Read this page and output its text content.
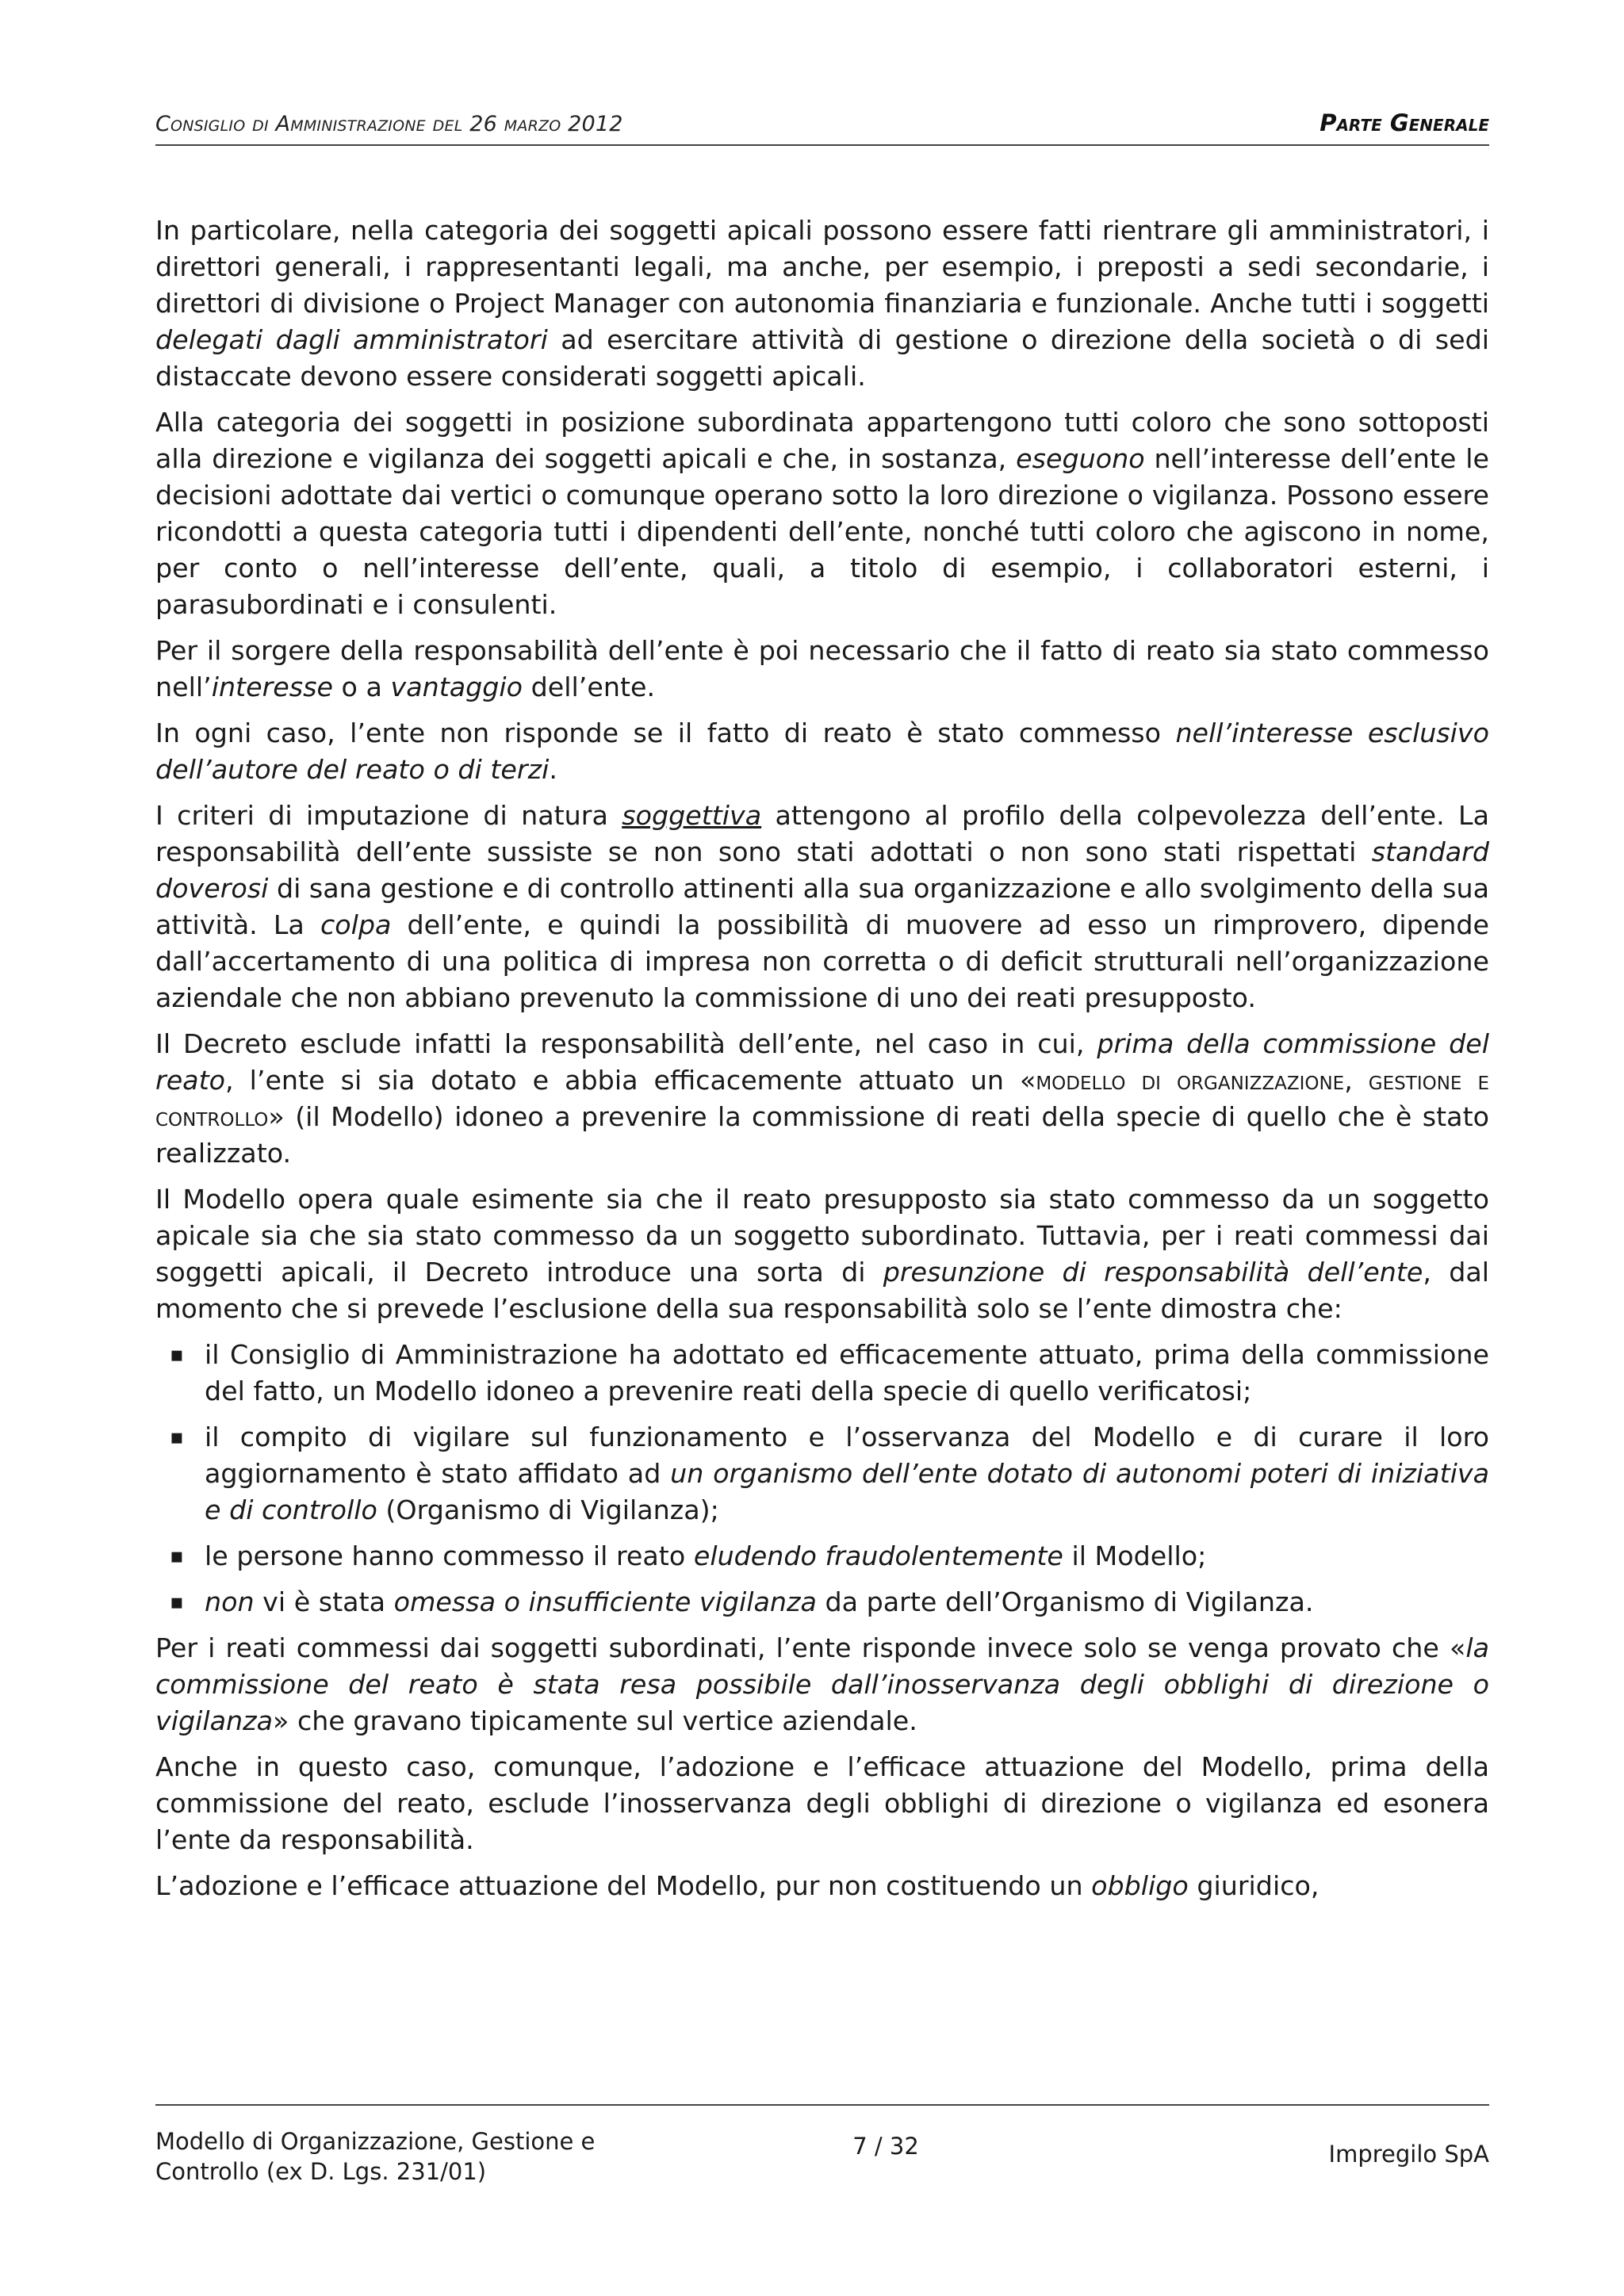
Consiglio di Amministrazione del 26 marzo 2012	Parte Generale

In particolare, nella categoria dei soggetti apicali possono essere fatti rientrare gli amministratori, i direttori generali, i rappresentanti legali, ma anche, per esempio, i preposti a sedi secondarie, i direttori di divisione o Project Manager con autonomia finanziaria e funzionale. Anche tutti i soggetti delegati dagli amministratori ad esercitare attività di gestione o direzione della società o di sedi distaccate devono essere considerati soggetti apicali.

Alla categoria dei soggetti in posizione subordinata appartengono tutti coloro che sono sottoposti alla direzione e vigilanza dei soggetti apicali e che, in sostanza, eseguono nell’interesse dell’ente le decisioni adottate dai vertici o comunque operano sotto la loro direzione o vigilanza. Possono essere ricondotti a questa categoria tutti i dipendenti dell’ente, nonché tutti coloro che agiscono in nome, per conto o nell’interesse dell’ente, quali, a titolo di esempio, i collaboratori esterni, i parasubordinati e i consulenti.

Per il sorgere della responsabilità dell’ente è poi necessario che il fatto di reato sia stato commesso nell’interesse o a vantaggio dell’ente.

In ogni caso, l’ente non risponde se il fatto di reato è stato commesso nell’interesse esclusivo dell’autore del reato o di terzi.

I criteri di imputazione di natura soggettiva attengono al profilo della colpevolezza dell’ente. La responsabilità dell’ente sussiste se non sono stati adottati o non sono stati rispettati standard doverosi di sana gestione e di controllo attinenti alla sua organizzazione e allo svolgimento della sua attività. La colpa dell’ente, e quindi la possibilità di muovere ad esso un rimprovero, dipende dall’accertamento di una politica di impresa non corretta o di deficit strutturali nell’organizzazione aziendale che non abbiano prevenuto la commissione di uno dei reati presupposto.

Il Decreto esclude infatti la responsabilità dell’ente, nel caso in cui, prima della commissione del reato, l’ente si sia dotato e abbia efficacemente attuato un «modello di organizzazione, gestione e controllo» (il Modello) idoneo a prevenire la commissione di reati della specie di quello che è stato realizzato.

Il Modello opera quale esimente sia che il reato presupposto sia stato commesso da un soggetto apicale sia che sia stato commesso da un soggetto subordinato. Tuttavia, per i reati commessi dai soggetti apicali, il Decreto introduce una sorta di presunzione di responsabilità dell’ente, dal momento che si prevede l’esclusione della sua responsabilità solo se l’ente dimostra che:

▪ il Consiglio di Amministrazione ha adottato ed efficacemente attuato, prima della commissione del fatto, un Modello idoneo a prevenire reati della specie di quello verificatosi;
▪ il compito di vigilare sul funzionamento e l’osservanza del Modello e di curare il loro aggiornamento è stato affidato ad un organismo dell’ente dotato di autonomi poteri di iniziativa e di controllo (Organismo di Vigilanza);
▪ le persone hanno commesso il reato eludendo fraudolentemente il Modello;
▪ non vi è stata omessa o insufficiente vigilanza da parte dell’Organismo di Vigilanza.

Per i reati commessi dai soggetti subordinati, l’ente risponde invece solo se venga provato che «la commissione del reato è stata resa possibile dall’inosservanza degli obblighi di direzione o vigilanza» che gravano tipicamente sul vertice aziendale.

Anche in questo caso, comunque, l’adozione e l’efficace attuazione del Modello, prima della commissione del reato, esclude l’inosservanza degli obblighi di direzione o vigilanza ed esonera l’ente da responsabilità.

L’adozione e l’efficace attuazione del Modello, pur non costituendo un obbligo giuridico,

Modello di Organizzazione, Gestione e Controllo (ex D. Lgs. 231/01)
7 / 32	Impregilo SpA
